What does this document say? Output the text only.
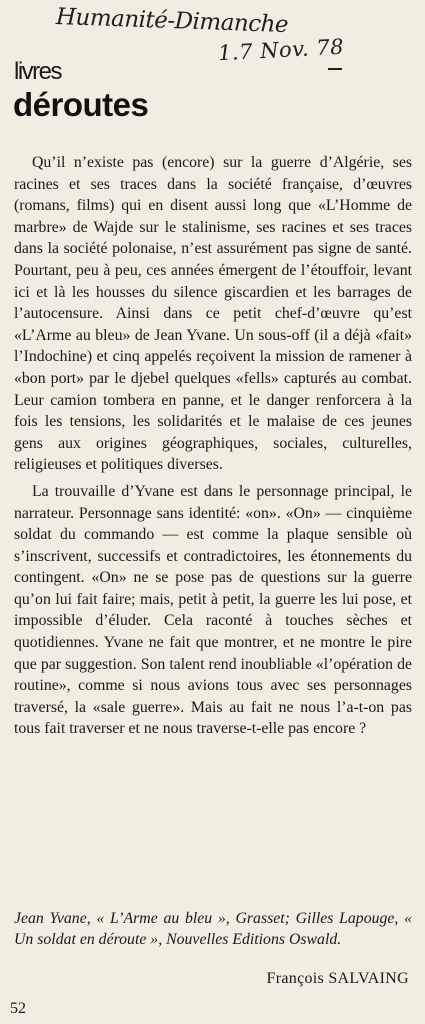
Humanité-Dimanche
1.7 Nov. 78
livres
déroutes

Qu’il n’existe pas (encore) sur la guerre d’Algérie, ses racines et ses traces dans la société française, d’œuvres (romans, films) qui en disent aussi long que «L’Homme de marbre» de Wajde sur le stalinisme, ses racines et ses traces dans la société polonaise, n’est assurément pas signe de santé. Pourtant, peu à peu, ces années émergent de l’étouffoir, levant ici et là les housses du silence giscardien et les barrages de l’autocensure. Ainsi dans ce petit chef-d’œuvre qu’est «L’Arme au bleu» de Jean Yvane. Un sous-off (il a déjà «fait» l’Indochine) et cinq appelés reçoivent la mission de ramener à «bon port» par le djebel quelques «fells» capturés au combat. Leur camion tombera en panne, et le danger renforcera à la fois les tensions, les solidarités et le malaise de ces jeunes gens aux origines géographiques, sociales, culturelles, religieuses et politiques diverses.

La trouvaille d’Yvane est dans le personnage principal, le narrateur. Personnage sans identité: «on». «On» — cinquième soldat du commando — est comme la plaque sensible où s’inscrivent, successifs et contradictoires, les étonnements du contingent. «On» ne se pose pas de questions sur la guerre qu’on lui fait faire; mais, petit à petit, la guerre les lui pose, et impossible d’éluder. Cela raconté à touches sèches et quotidiennes. Yvane ne fait que montrer, et ne montre le pire que par suggestion. Son talent rend inoubliable «l’opération de routine», comme si nous avions tous avec ses personnages traversé, la «sale guerre». Mais au fait ne nous l’a-t-on pas tous fait traverser et ne nous traverse-t-elle pas encore ?

Jean Yvane, « L’Arme au bleu », Grasset; Gilles Lapouge, « Un soldat en déroute », Nouvelles Editions Oswald.

François SALVAING

52
